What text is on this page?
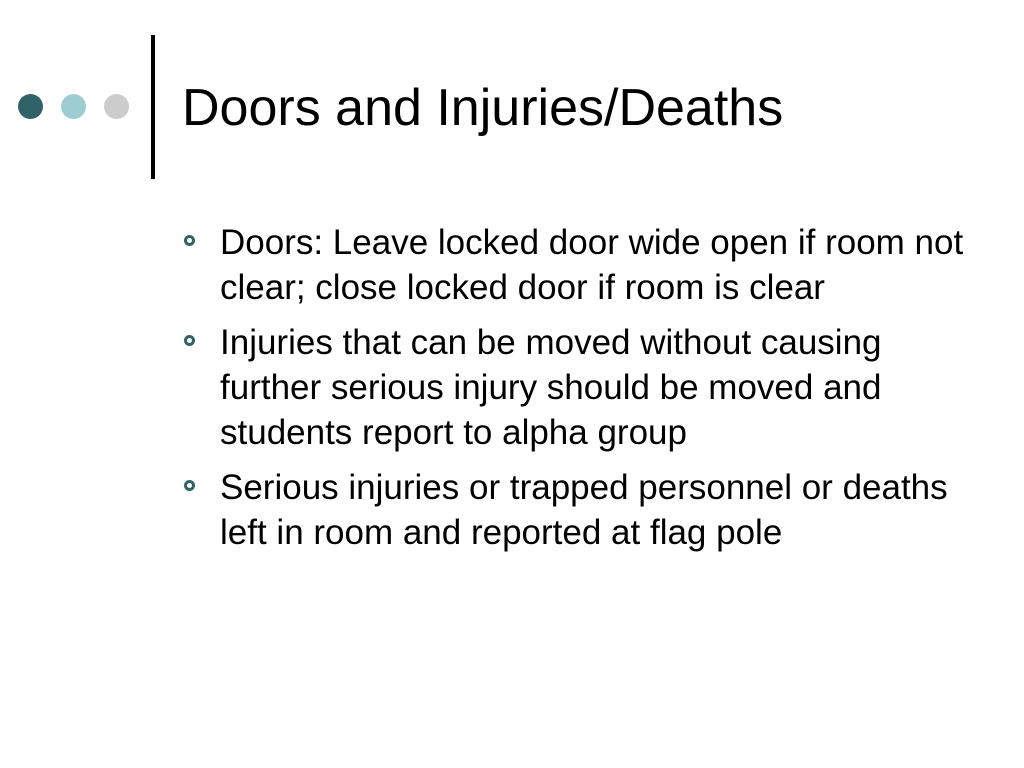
Doors and Injuries/Deaths
Doors: Leave locked door wide open if room not clear; close locked door if room is clear
Injuries that can be moved without causing further serious injury should be moved and students report to alpha group
Serious injuries or trapped personnel or deaths left in room and reported at flag pole
